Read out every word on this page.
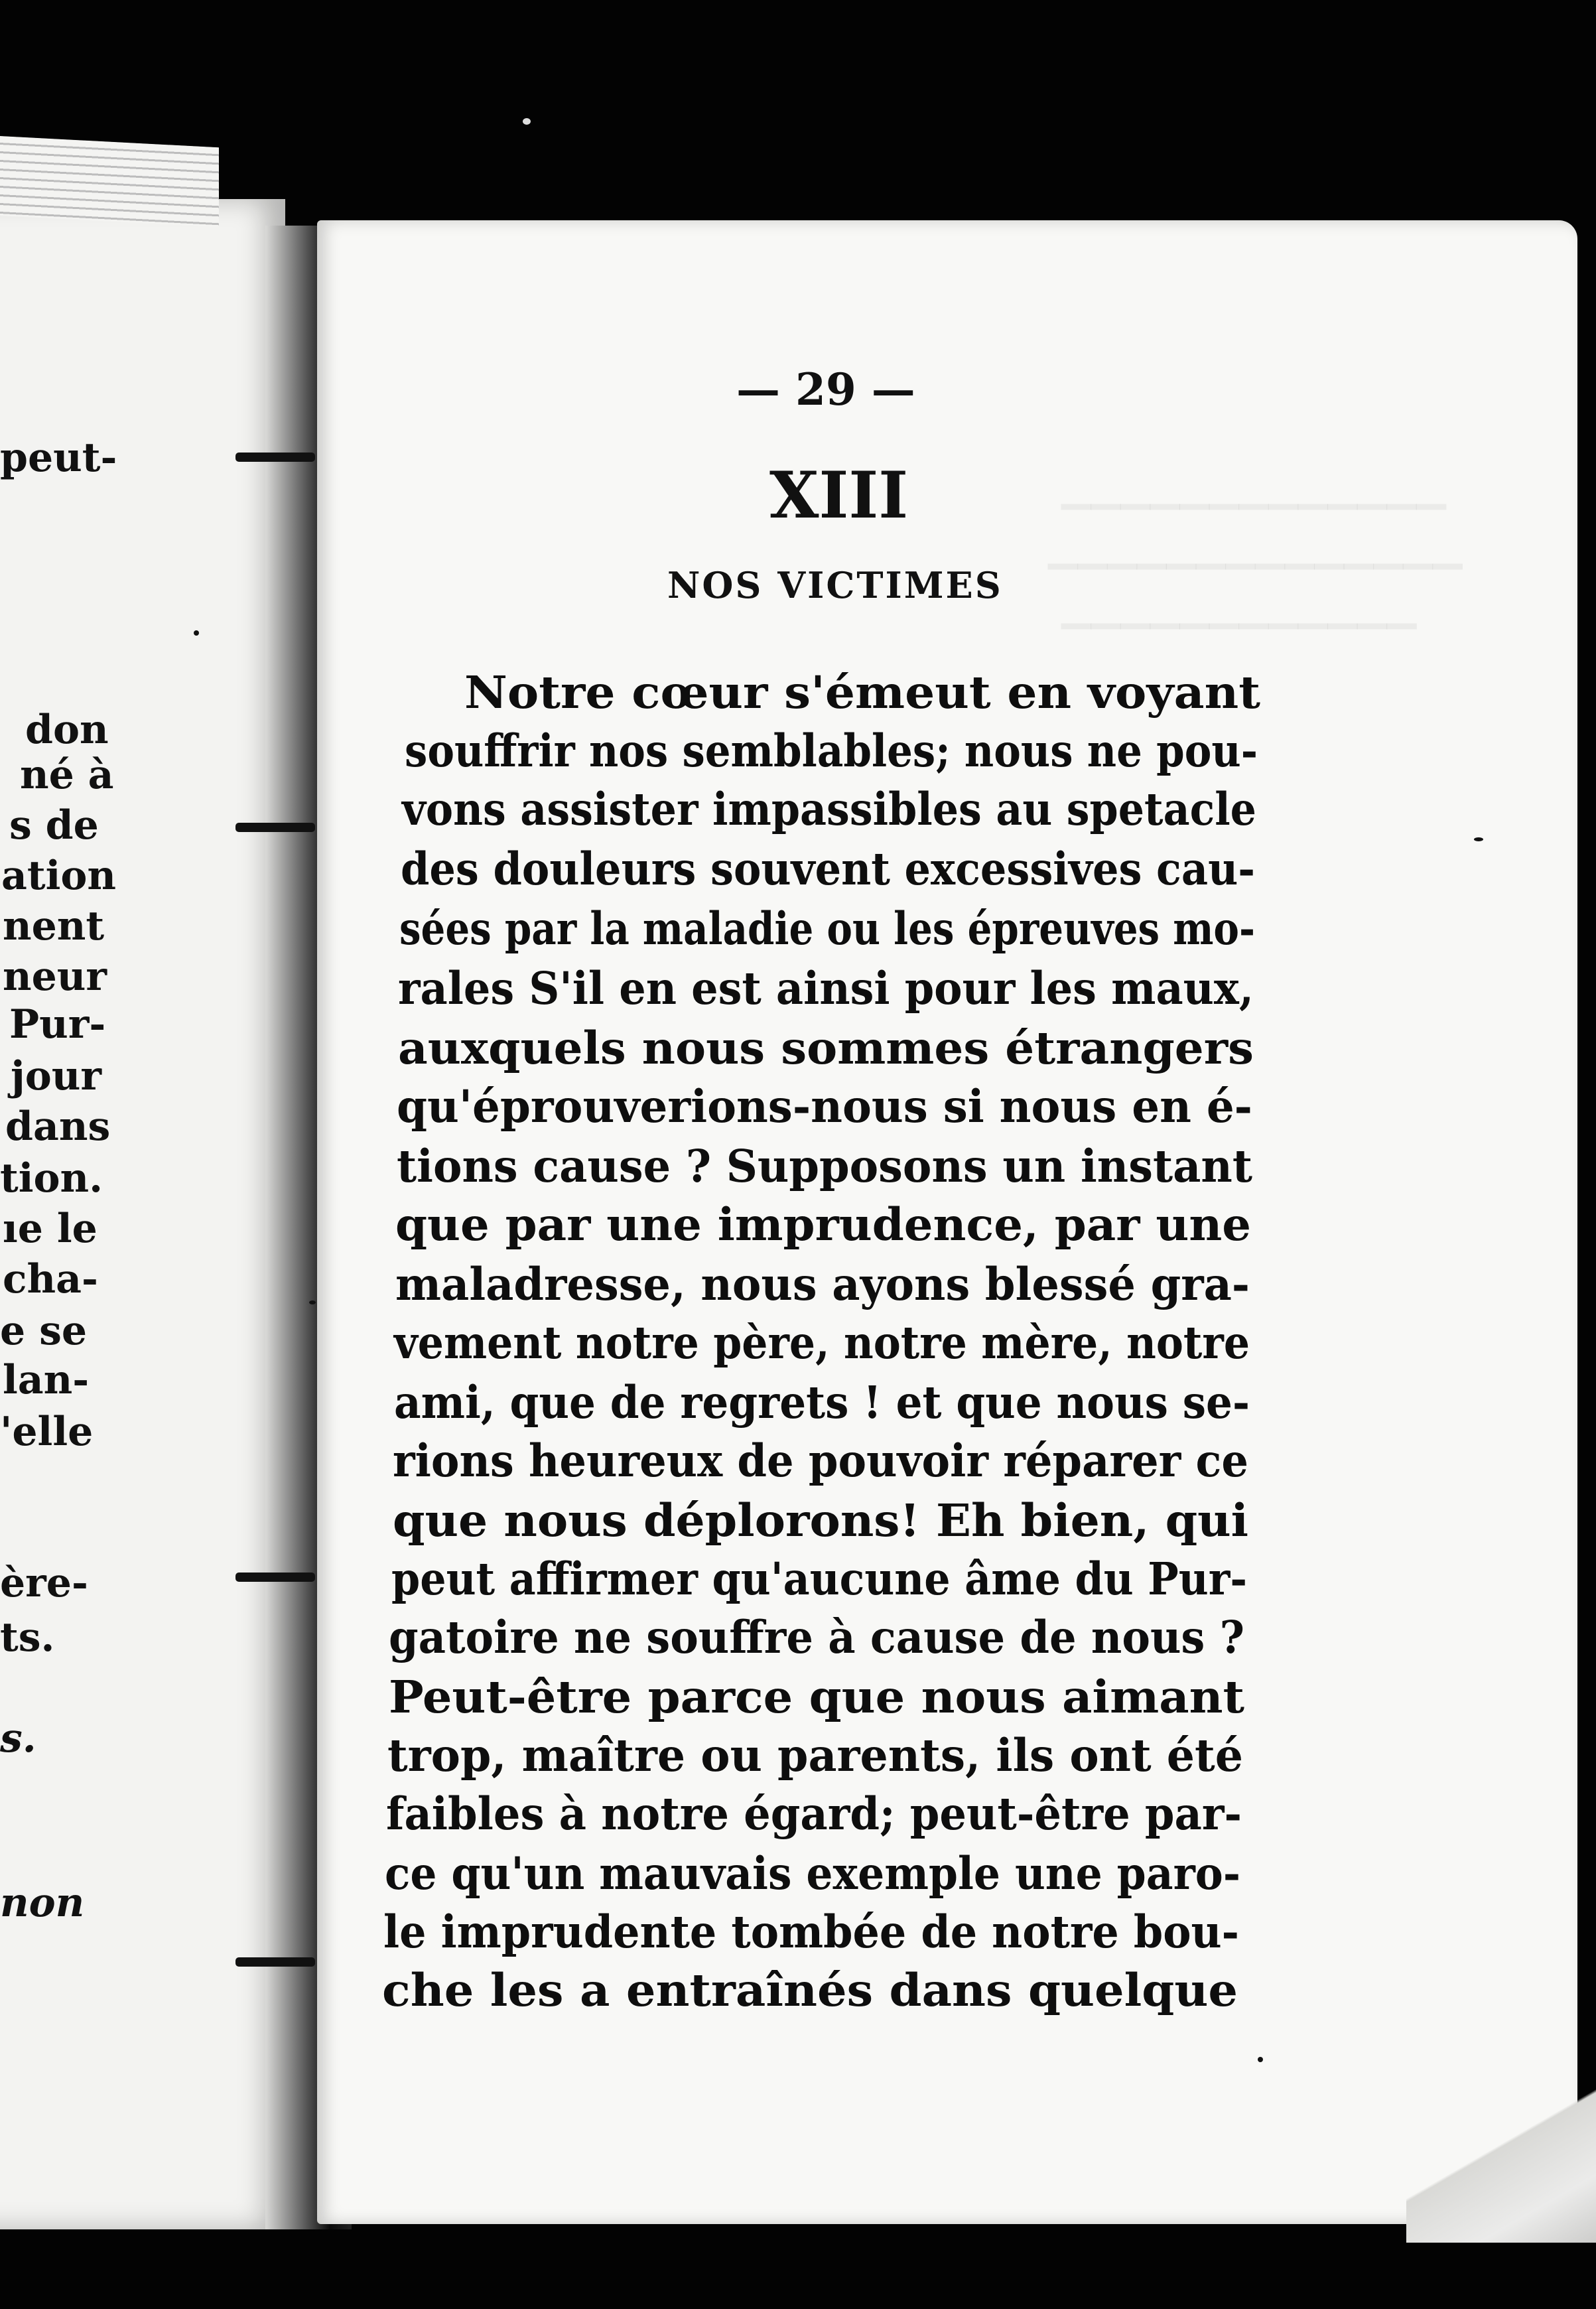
peut-
don
né à
s de
ation
nent
neur
Pur-
jour
dans
tion.
ıe le
cha-
e se
lan-
'elle
ère-
ts.
s.
non
▁▁▁▁▁▁▁▁▁▁▁▁▁
▁▁▁▁▁▁▁▁▁▁▁▁▁▁
▁▁▁▁▁▁▁▁▁▁▁▁
— 29 —
XIII
NOS VICTIMES
Notre cœur s'émeut en voyant
souffrir nos semblables; nous ne pou-
vons assister impassibles au spetacle
des douleurs souvent excessives cau-
sées par la maladie ou les épreuves mo-
rales S'il en est ainsi pour les maux,
auxquels nous sommes étrangers
qu'éprouverions-nous si nous en é-
tions cause ? Supposons un instant
que par une imprudence, par une
maladresse, nous ayons blessé gra-
vement notre père, notre mère, notre
ami, que de regrets ! et que nous se-
rions heureux de pouvoir réparer ce
que nous déplorons! Eh bien, qui
peut affirmer qu'aucune âme du Pur-
gatoire ne souffre à cause de nous ?
Peut-être parce que nous aimant
trop, maître ou parents, ils ont été
faibles à notre égard; peut-être par-
ce qu'un mauvais exemple une paro-
le imprudente tombée de notre bou-
che les a entraînés dans quelque
